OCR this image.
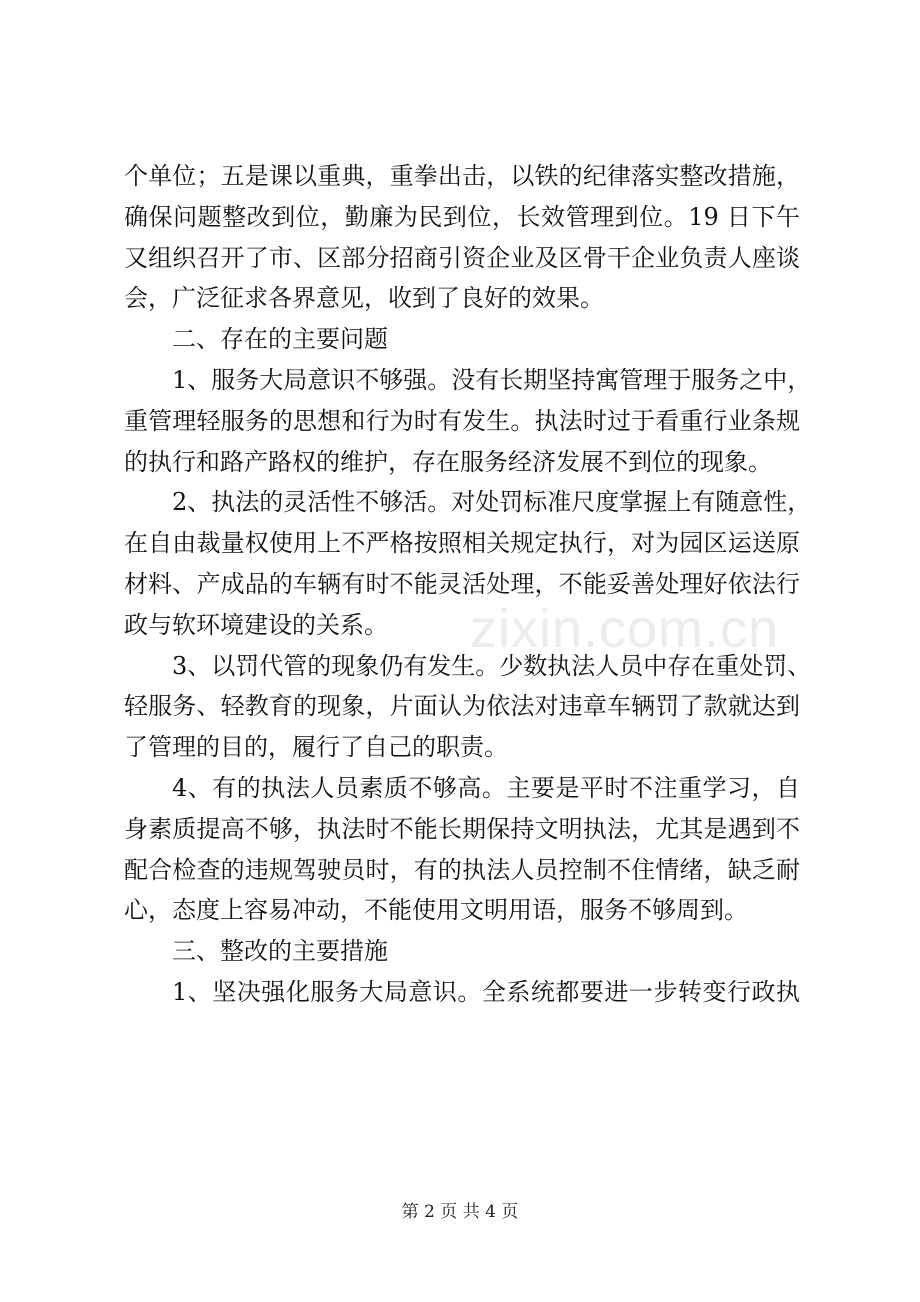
zixin.com.cn
个单位；五是课以重典，重拳出击，以铁的纪律落实整改措施，
确保问题整改到位，勤廉为民到位，长效管理到位。19 日下午
又组织召开了市、区部分招商引资企业及区骨干企业负责人座谈
会，广泛征求各界意见，收到了良好的效果。
二、存在的主要问题
1、服务大局意识不够强。没有长期坚持寓管理于服务之中，
重管理轻服务的思想和行为时有发生。执法时过于看重行业条规
的执行和路产路权的维护，存在服务经济发展不到位的现象。
2、执法的灵活性不够活。对处罚标准尺度掌握上有随意性，
在自由裁量权使用上不严格按照相关规定执行，对为园区运送原
材料、产成品的车辆有时不能灵活处理，不能妥善处理好依法行
政与软环境建设的关系。
3、以罚代管的现象仍有发生。少数执法人员中存在重处罚、
轻服务、轻教育的现象，片面认为依法对违章车辆罚了款就达到
了管理的目的，履行了自己的职责。
4、有的执法人员素质不够高。主要是平时不注重学习，自
身素质提高不够，执法时不能长期保持文明执法，尤其是遇到不
配合检查的违规驾驶员时，有的执法人员控制不住情绪，缺乏耐
心，态度上容易冲动，不能使用文明用语，服务不够周到。
三、整改的主要措施
1、坚决强化服务大局意识。全系统都要进一步转变行政执
第 2 页 共 4 页
